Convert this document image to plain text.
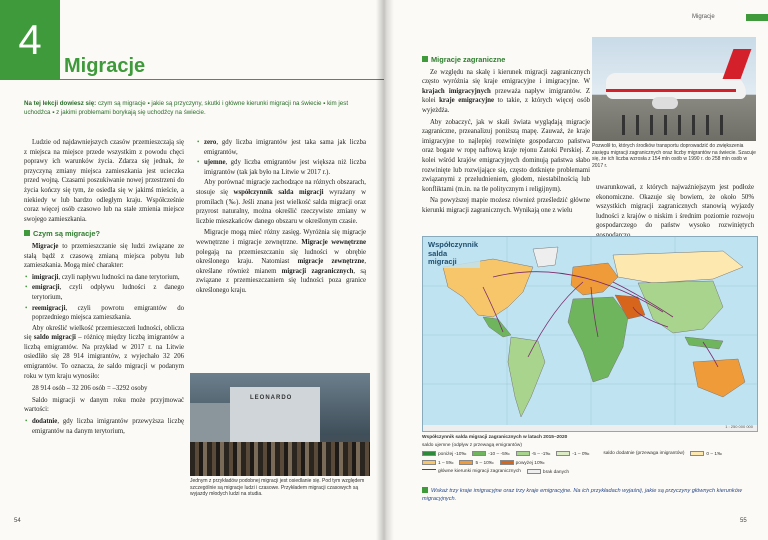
4
Migracje
Na tej lekcji dowiesz się: czym są migracje ▪ jakie są przyczyny, skutki i główne kierunki migracji na świecie ▪ kim jest uchodźca ▪ z jakimi problemami borykają się uchodźcy na świecie.

Ludzie od najdawniejszych czasów przemieszczają się z miejsca na miejsce przede wszystkim z powodu chęci poprawy ich warunków życia. Zdarza się jednak, że przyczyną zmiany miejsca zamieszkania jest ucieczka przed wojną. Czasami poszukiwanie nowej przestrzeni do życia kończy się tym, że osiedla się w jakimś mieście, a niekiedy w lub bardzo odległym kraju. Współcześnie coraz więcej osób czasowo lub na stałe zmienia miejsce swojego zamieszkania.

Czym są migracje?

Migracje to przemieszczanie się ludzi związane ze stałą bądź z czasową zmianą miejsca pobytu lub zamieszkania. Mogą mieć charakter:

• imigracji, czyli napływu ludności na dane terytorium,
• emigracji, czyli odpływu ludności z danego terytorium,
• reemigracji, czyli powrotu emigrantów do poprzedniego miejsca zamieszkania.

Aby określić wielkość przemieszczeń ludności, oblicza się saldo migracji – różnicę między liczbą imigrantów a liczbą emigrantów. Na przykład w 2017 r. na Litwie osiedliło się 28 914 imigrantów, z wyjechało 32 206 emigrantów. To oznacza, że saldo migracji w podanym roku w tym kraju wynosiło:

28 914 osób – 32 206 osób = –3292 osoby

Saldo migracji w danym roku może przyjmować wartości:

• dodatnie, gdy liczba imigrantów przewyższa liczbę emigrantów na danym terytorium,
• zero, gdy liczba imigrantów jest taka sama jak liczba emigrantów,
• ujemne, gdy liczba emigrantów jest większa niż liczba imigrantów (tak jak było na Litwie w 2017 r.).

Aby porównać migracje zachodzące na różnych obszarach, stosuje się współczynnik salda migracji wyrażany w promilach (‰). Jeśli znana jest wielkość salda migracji oraz przyrost naturalny, można określić rzeczywiste zmiany w liczbie mieszkańców danego obszaru w określonym czasie.

Migracje mogą mieć różny zasięg. Wyróżnia się migracje wewnętrzne i migracje zewnętrzne. Migracje wewnętrzne polegają na przemieszczaniu się ludności w obrębie określonego kraju. Natomiast migracje zewnętrzne, określane również mianem migracji zagranicznych, są związane z przemieszczaniem się ludności poza granice określonego kraju.

LEONARDO
Jednym z przykładów podobnej migracji jest osiedlanie się. Pod tym względem szczególnie są migracje ludzi i czasowe. Przykładem migracji czasowych są wyjazdy młodych ludzi na studia.
54
Migracje
Migracje zagraniczne

Ze względu na skalę i kierunek migracji zagranicznych często wyróżnia się kraje emigracyjne i imigracyjne. W krajach imigracyjnych przeważa napływ imigrantów. Z kolei kraje emigracyjne to takie, z których więcej osób wyjeżdża.

Aby zobaczyć, jak w skali świata wyglądają migracje zagraniczne, przeanalizuj poniższą mapę. Zauważ, że kraje imigracyjne to najlepiej rozwinięte gospodarczo państwa oraz bogate w ropę naftową kraje rejonu Zatoki Perskiej. Z kolei wśród krajów emigracyjnych dominują państwa słabo rozwinięte lub rozwijające się, często dotknięte problemami związanymi z przeludnieniem, głodem, niestabilnością lub konfliktami (m.in. na tle politycznym i religijnym).

Na powyższej mapie możesz również prześledzić główne kierunki migracji zagranicznych. Wynikają one z wielu

Pozwolił to, których środków transportu doprowadzić do zwiększenia zasięgu migracji zagranicznych oraz liczby migrantów na świecie. Szacuje się, że ich liczba wzrosła z 154 mln osób w 1990 r. do 258 mln osób w 2017 r.

uwarunkowań, z których najważniejszym jest podłoże ekonomiczne. Okazuje się bowiem, że około 50% wszystkich migracji zagranicznych stanowią wyjazdy ludności z krajów o niskim i średnim poziomie rozwoju gospodarczego do państw wysoko rozwiniętych

Współczynnik
salda
migracji
1 : 250 000 000
Współczynnik salda migracji zagranicznych w latach 2015–2020
saldo ujemne (odpływ z przewagą emigrantów)
poniżej -10‰	-10 – -5‰	-5 – -1‰	-1 – 0‰	saldo dodatnie (przewaga imigrantów)	0 – 1‰
1 – 5‰	5 – 10‰	powyżej 10‰
główne kierunki migracji zagranicznych	brak danych
Wskaż trzy kraje imigracyjne oraz trzy kraje emigracyjne. Na ich przykładach wyjaśnij, jakie są przyczyny głównych kierunków migracyjnych.
55
